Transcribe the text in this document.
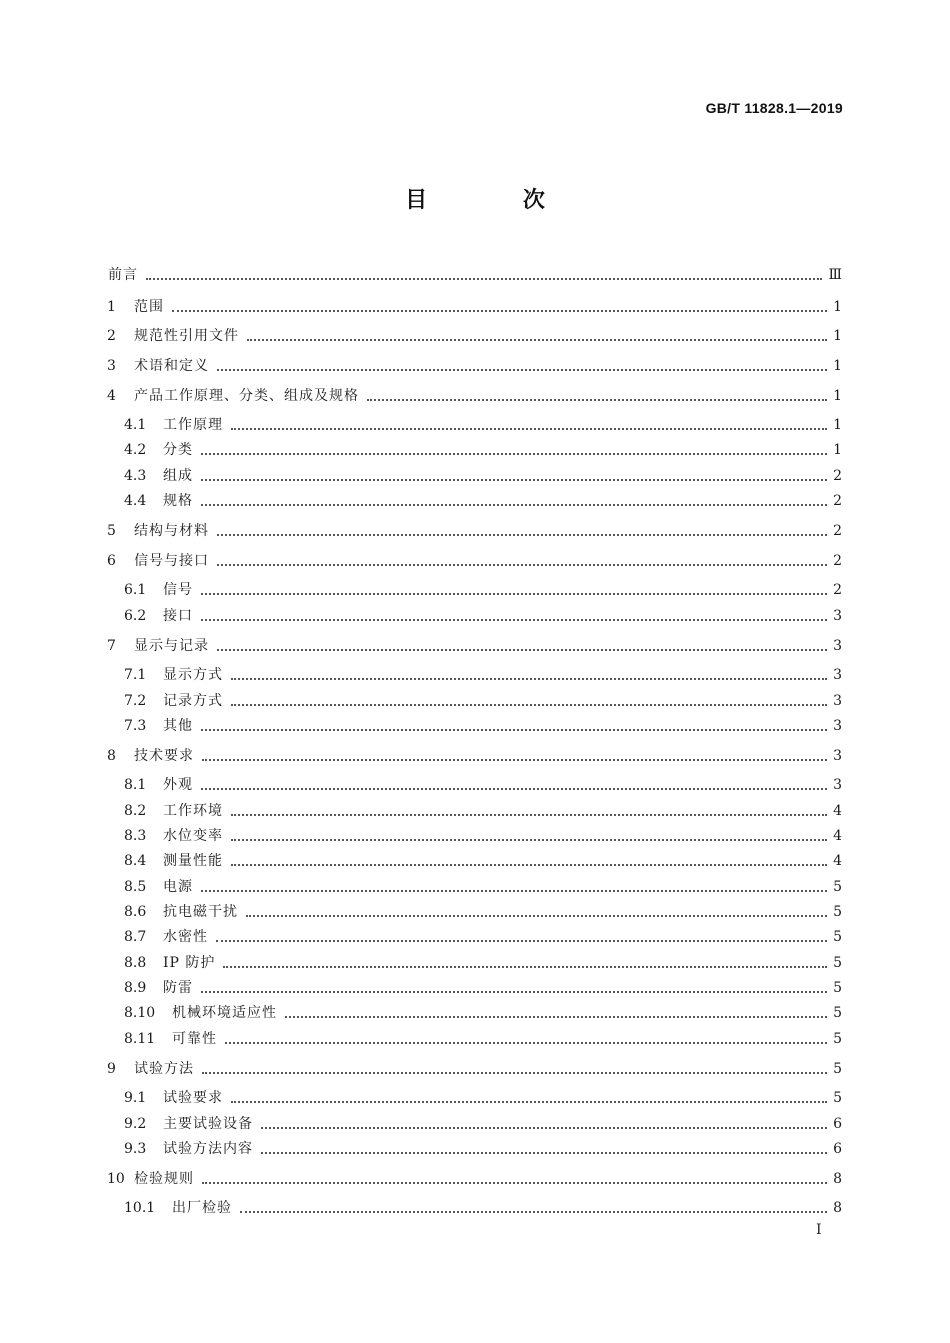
GB/T 11828.1—2019
目 次
前言	Ⅲ
1 范围	1
2 规范性引用文件	1
3 术语和定义	1
4 产品工作原理、分类、组成及规格	1
4.1 工作原理	1
4.2 分类	1
4.3 组成	2
4.4 规格	2
5 结构与材料	2
6 信号与接口	2
6.1 信号	2
6.2 接口	3
7 显示与记录	3
7.1 显示方式	3
7.2 记录方式	3
7.3 其他	3
8 技术要求	3
8.1 外观	3
8.2 工作环境	4
8.3 水位变率	4
8.4 测量性能	4
8.5 电源	5
8.6 抗电磁干扰	5
8.7 水密性	5
8.8 IP 防护	5
8.9 防雷	5
8.10 机械环境适应性	5
8.11 可靠性	5
9 试验方法	5
9.1 试验要求	5
9.2 主要试验设备	6
9.3 试验方法内容	6
10 检验规则	8
10.1 出厂检验	8
I
